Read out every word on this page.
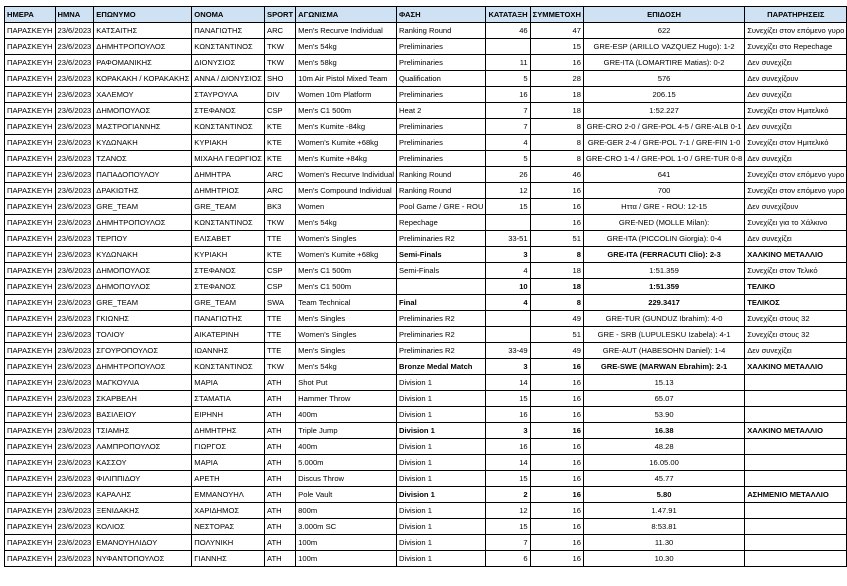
ΗΜΕΡΑ	ΗΜΝΑ	ΕΠΩΝΥΜΟ	ΟΝΟΜΑ	SPORT	ΑΓΩΝΙΣΜΑ	ΦΑΣΗ	ΚΑΤΑΤΑΞΗ	ΣΥΜΜΕΤΟΧΗ	ΕΠΙΔΟΣΗ	ΠΑΡΑΤΗΡΗΣΕΙΣ
ΠΑΡΑΣΚΕΥΗ	23/6/2023	ΚΑΤΣΑΙΤΗΣ	ΠΑΝΑΓΙΩΤΗΣ	ARC	Men's Recurve Individual	Ranking Round	46	47	622	Συνεχίζει στον επόμενο γυρο
ΠΑΡΑΣΚΕΥΗ	23/6/2023	ΔΗΜΗΤΡΟΠΟΥΛΟΣ	ΚΩΝΣΤΑΝΤΙΝΟΣ	TKW	Men's 54kg	Preliminaries		15	GRE-ESP (ARILLO VAZQUEZ Hugo): 1-2	Συνεχίζει στο Repechage
ΠΑΡΑΣΚΕΥΗ	23/6/2023	ΡΑΦΟΜΑΝΙΚΗΣ	ΔΙΟΝΥΣΙΟΣ	TKW	Men's 58kg	Preliminaries	11	16	GRE-ITA (LOMARTIRE Matias): 0-2	Δεν συνεχίζει
ΠΑΡΑΣΚΕΥΗ	23/6/2023	ΚΟΡΑΚΑΚΗ / ΚΟΡΑΚΑΚΗΣ	ΑΝΝΑ / ΔΙΟΝΥΣΙΟΣ	SHO	10m Air Pistol Mixed Team	Qualification	5	28	576	Δεν συνεχίζουν
ΠΑΡΑΣΚΕΥΗ	23/6/2023	ΧΑΛΕΜΟΥ	ΣΤΑΥΡΟΥΛΑ	DIV	Women 10m Platform	Preliminaries	16	18	206.15	Δεν συνεχίζει
ΠΑΡΑΣΚΕΥΗ	23/6/2023	ΔΗΜΟΠΟΥΛΟΣ	ΣΤΕΦΑΝΟΣ	CSP	Men's C1 500m	Heat 2	7	18	1:52.227	Συνεχίζει στον Ημιτελικό
ΠΑΡΑΣΚΕΥΗ	23/6/2023	ΜΑΣΤΡΟΓΙΑΝΝΗΣ	ΚΩΝΣΤΑΝΤΙΝΟΣ	KTE	Men's Kumite -84kg	Preliminaries	7	8	GRE-CRO 2-0 / GRE-POL 4-5 / GRE-ALB 0-1	Δεν συνεχίζει
ΠΑΡΑΣΚΕΥΗ	23/6/2023	ΚΥΔΩΝΑΚΗ	ΚΥΡΙΑΚΗ	KTE	Women's Kumite +68kg	Preliminaries	4	8	GRE-GER 2-4 / GRE-POL 7-1 / GRE-FIN 1-0	Συνεχίζει στον Ημιτελικό
ΠΑΡΑΣΚΕΥΗ	23/6/2023	ΤΖΑΝΟΣ	ΜΙΧΑΗΛ ΓΕΩΡΓΙΟΣ	KTE	Men's Kumite +84kg	Preliminaries	5	8	GRE-CRO 1-4 / GRE-POL 1-0 / GRE-TUR 0-8	Δεν συνεχίζει
ΠΑΡΑΣΚΕΥΗ	23/6/2023	ΠΑΠΑΔΟΠΟΥΛΟΥ	ΔΗΜΗΤΡΑ	ARC	Women's Recurve Individual	Ranking Round	26	46	641	Συνεχίζει στον επόμενο γυρο
ΠΑΡΑΣΚΕΥΗ	23/6/2023	ΔΡΑΚΙΩΤΗΣ	ΔΗΜΗΤΡΙΟΣ	ARC	Men's Compound Individual	Ranking Round	12	16	700	Συνεχίζει στον επόμενο γυρο
ΠΑΡΑΣΚΕΥΗ	23/6/2023	GRE_TEAM	GRE_TEAM	BK3	Women	Pool Game / GRE - ROU	15	16	Ηττα / GRE - ROU: 12-15	Δεν συνεχίζουν
ΠΑΡΑΣΚΕΥΗ	23/6/2023	ΔΗΜΗΤΡΟΠΟΥΛΟΣ	ΚΩΝΣΤΑΝΤΙΝΟΣ	TKW	Men's 54kg	Repechage		16	GRE-NED (MOLLE Milan):	Συνεχίζει για το Χάλκινο
ΠΑΡΑΣΚΕΥΗ	23/6/2023	ΤΕΡΠΟΥ	ΕΛΙΣΑΒΕΤ	TTE	Women's Singles	Preliminaries R2	33-51	51	GRE-ITA (PICCOLIN Giorgia): 0-4	Δεν συνεχίζει
ΠΑΡΑΣΚΕΥΗ	23/6/2023	ΚΥΔΩΝΑΚΗ	ΚΥΡΙΑΚΗ	KTE	Women's Kumite +68kg	Semi-Finals	3	8	GRE-ITA (FERRACUTI Clio): 2-3	ΧΑΛΚΙΝΟ ΜΕΤΑΛΛΙΟ
ΠΑΡΑΣΚΕΥΗ	23/6/2023	ΔΗΜΟΠΟΥΛΟΣ	ΣΤΕΦΑΝΟΣ	CSP	Men's C1 500m	Semi-Finals	4	18	1:51.359	Συνεχίζει στον Τελικό
ΠΑΡΑΣΚΕΥΗ	23/6/2023	ΔΗΜΟΠΟΥΛΟΣ	ΣΤΕΦΑΝΟΣ	CSP	Men's C1 500m		10	18	1:51.359	ΤΕΛΙΚΟ
ΠΑΡΑΣΚΕΥΗ	23/6/2023	GRE_TEAM	GRE_TEAM	SWA	Team Technical	Final	4	8	229.3417	ΤΕΛΙΚΟΣ
ΠΑΡΑΣΚΕΥΗ	23/6/2023	ΓΚΙΩΝΗΣ	ΠΑΝΑΓΙΩΤΗΣ	TTE	Men's Singles	Preliminaries R2		49	GRE-TUR (GUNDUZ Ibrahim): 4-0	Συνεχίζει στους 32
ΠΑΡΑΣΚΕΥΗ	23/6/2023	ΤΟΛΙΟΥ	ΑΙΚΑΤΕΡΙΝΗ	TTE	Women's Singles	Preliminaries R2		51	GRE - SRB (LUPULESKU Izabela): 4-1	Συνεχίζει στους 32
ΠΑΡΑΣΚΕΥΗ	23/6/2023	ΣΓΟΥΡΟΠΟΥΛΟΣ	ΙΩΑΝΝΗΣ	TTE	Men's Singles	Preliminaries R2	33-49	49	GRE-AUT (HABESOHN Daniel): 1-4	Δεν συνεχίζει
ΠΑΡΑΣΚΕΥΗ	23/6/2023	ΔΗΜΗΤΡΟΠΟΥΛΟΣ	ΚΩΝΣΤΑΝΤΙΝΟΣ	TKW	Men's 54kg	Bronze Medal Match	3	16	GRE-SWE (MARWAN Ebrahim): 2-1	ΧΑΛΚΙΝΟ ΜΕΤΑΛΛΙΟ
ΠΑΡΑΣΚΕΥΗ	23/6/2023	ΜΑΓΚΟΥΛΙΑ	ΜΑΡΙΑ	ATH	Shot Put	Division 1	14	16	15.13	
ΠΑΡΑΣΚΕΥΗ	23/6/2023	ΣΚΑΡΒΕΛΗ	ΣΤΑΜΑΤΙΑ	ATH	Hammer Throw	Division 1	15	16	65.07	
ΠΑΡΑΣΚΕΥΗ	23/6/2023	ΒΑΣΙΛΕΙΟΥ	ΕΙΡΗΝΗ	ATH	400m	Division 1	16	16	53.90	
ΠΑΡΑΣΚΕΥΗ	23/6/2023	ΤΣΙΑΜΗΣ	ΔΗΜΗΤΡΗΣ	ATH	Triple Jump	Division 1	3	16	16.38	ΧΑΛΚΙΝΟ ΜΕΤΑΛΛΙΟ
ΠΑΡΑΣΚΕΥΗ	23/6/2023	ΛΑΜΠΡΟΠΟΥΛΟΣ	ΓΙΩΡΓΟΣ	ATH	400m	Division 1	16	16	48.28	
ΠΑΡΑΣΚΕΥΗ	23/6/2023	ΚΑΣΣΟΥ	ΜΑΡΙΑ	ATH	5.000m	Division 1	14	16	16.05.00	
ΠΑΡΑΣΚΕΥΗ	23/6/2023	ΦΙΛΙΠΠΙΔΟΥ	ΑΡΕΤΗ	ATH	Discus Throw	Division 1	15	16	45.77	
ΠΑΡΑΣΚΕΥΗ	23/6/2023	ΚΑΡΑΛΗΣ	ΕΜΜΑΝΟΥΗΛ	ATH	Pole Vault	Division 1	2	16	5.80	ΑΣΗΜΕΝΙΟ ΜΕΤΑΛΛΙΟ
ΠΑΡΑΣΚΕΥΗ	23/6/2023	ΞΕΝΙΔΑΚΗΣ	ΧΑΡΙΔΗΜΟΣ	ATH	800m	Division 1	12	16	1.47.91	
ΠΑΡΑΣΚΕΥΗ	23/6/2023	ΚΟΛΙΟΣ	ΝΕΣΤΟΡΑΣ	ATH	3.000m SC	Division 1	15	16	8:53.81	
ΠΑΡΑΣΚΕΥΗ	23/6/2023	ΕΜΑΝΟΥΗΛΙΔΟΥ	ΠΟΛΥΝΙΚΗ	ATH	100m	Division 1	7	16	11.30	
ΠΑΡΑΣΚΕΥΗ	23/6/2023	ΝΥΦΑΝΤΟΠΟΥΛΟΣ	ΓΙΑΝΝΗΣ	ATH	100m	Division 1	6	16	10.30	
